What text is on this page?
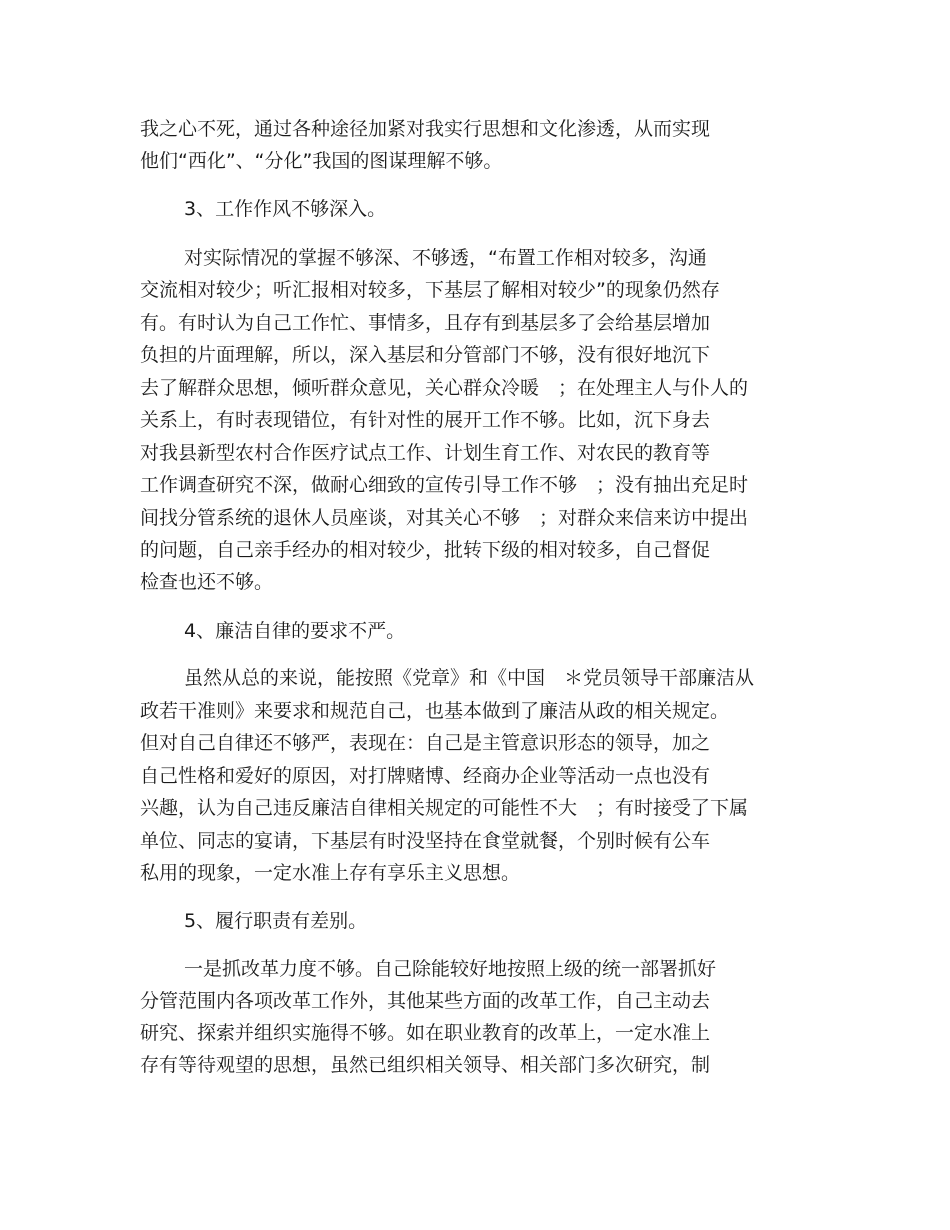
我之心不死，通过各种途径加紧对我实行思想和文化渗透，从而实现
他们“西化”、“分化”我国的图谋理解不够。
3、工作作风不够深入。
对实际情况的掌握不够深、不够透，“布置工作相对较多，沟通
交流相对较少；听汇报相对较多，下基层了解相对较少”的现象仍然存
有。有时认为自己工作忙、事情多，且存有到基层多了会给基层增加
负担的片面理解，所以，深入基层和分管部门不够，没有很好地沉下
去了解群众思想，倾听群众意见，关心群众冷暖　；在处理主人与仆人的
关系上，有时表现错位，有针对性的展开工作不够。比如，沉下身去
对我县新型农村合作医疗试点工作、计划生育工作、对农民的教育等
工作调查研究不深，做耐心细致的宣传引导工作不够　；没有抽出充足时
间找分管系统的退休人员座谈，对其关心不够　；对群众来信来访中提出
的问题，自己亲手经办的相对较少，批转下级的相对较多，自己督促
检查也还不够。
4、廉洁自律的要求不严。
虽然从总的来说，能按照《党章》和《中国　＊党员领导干部廉洁从
政若干准则》来要求和规范自己，也基本做到了廉洁从政的相关规定。
但对自己自律还不够严，表现在：自己是主管意识形态的领导，加之
自己性格和爱好的原因，对打牌赌博、经商办企业等活动一点也没有
兴趣，认为自己违反廉洁自律相关规定的可能性不大　；有时接受了下属
单位、同志的宴请，下基层有时没坚持在食堂就餐，个别时候有公车
私用的现象，一定水准上存有享乐主义思想。
5、履行职责有差别。
一是抓改革力度不够。自己除能较好地按照上级的统一部署抓好
分管范围内各项改革工作外，其他某些方面的改革工作，自己主动去
研究、探索并组织实施得不够。如在职业教育的改革上，一定水准上
存有等待观望的思想，虽然已组织相关领导、相关部门多次研究，制
